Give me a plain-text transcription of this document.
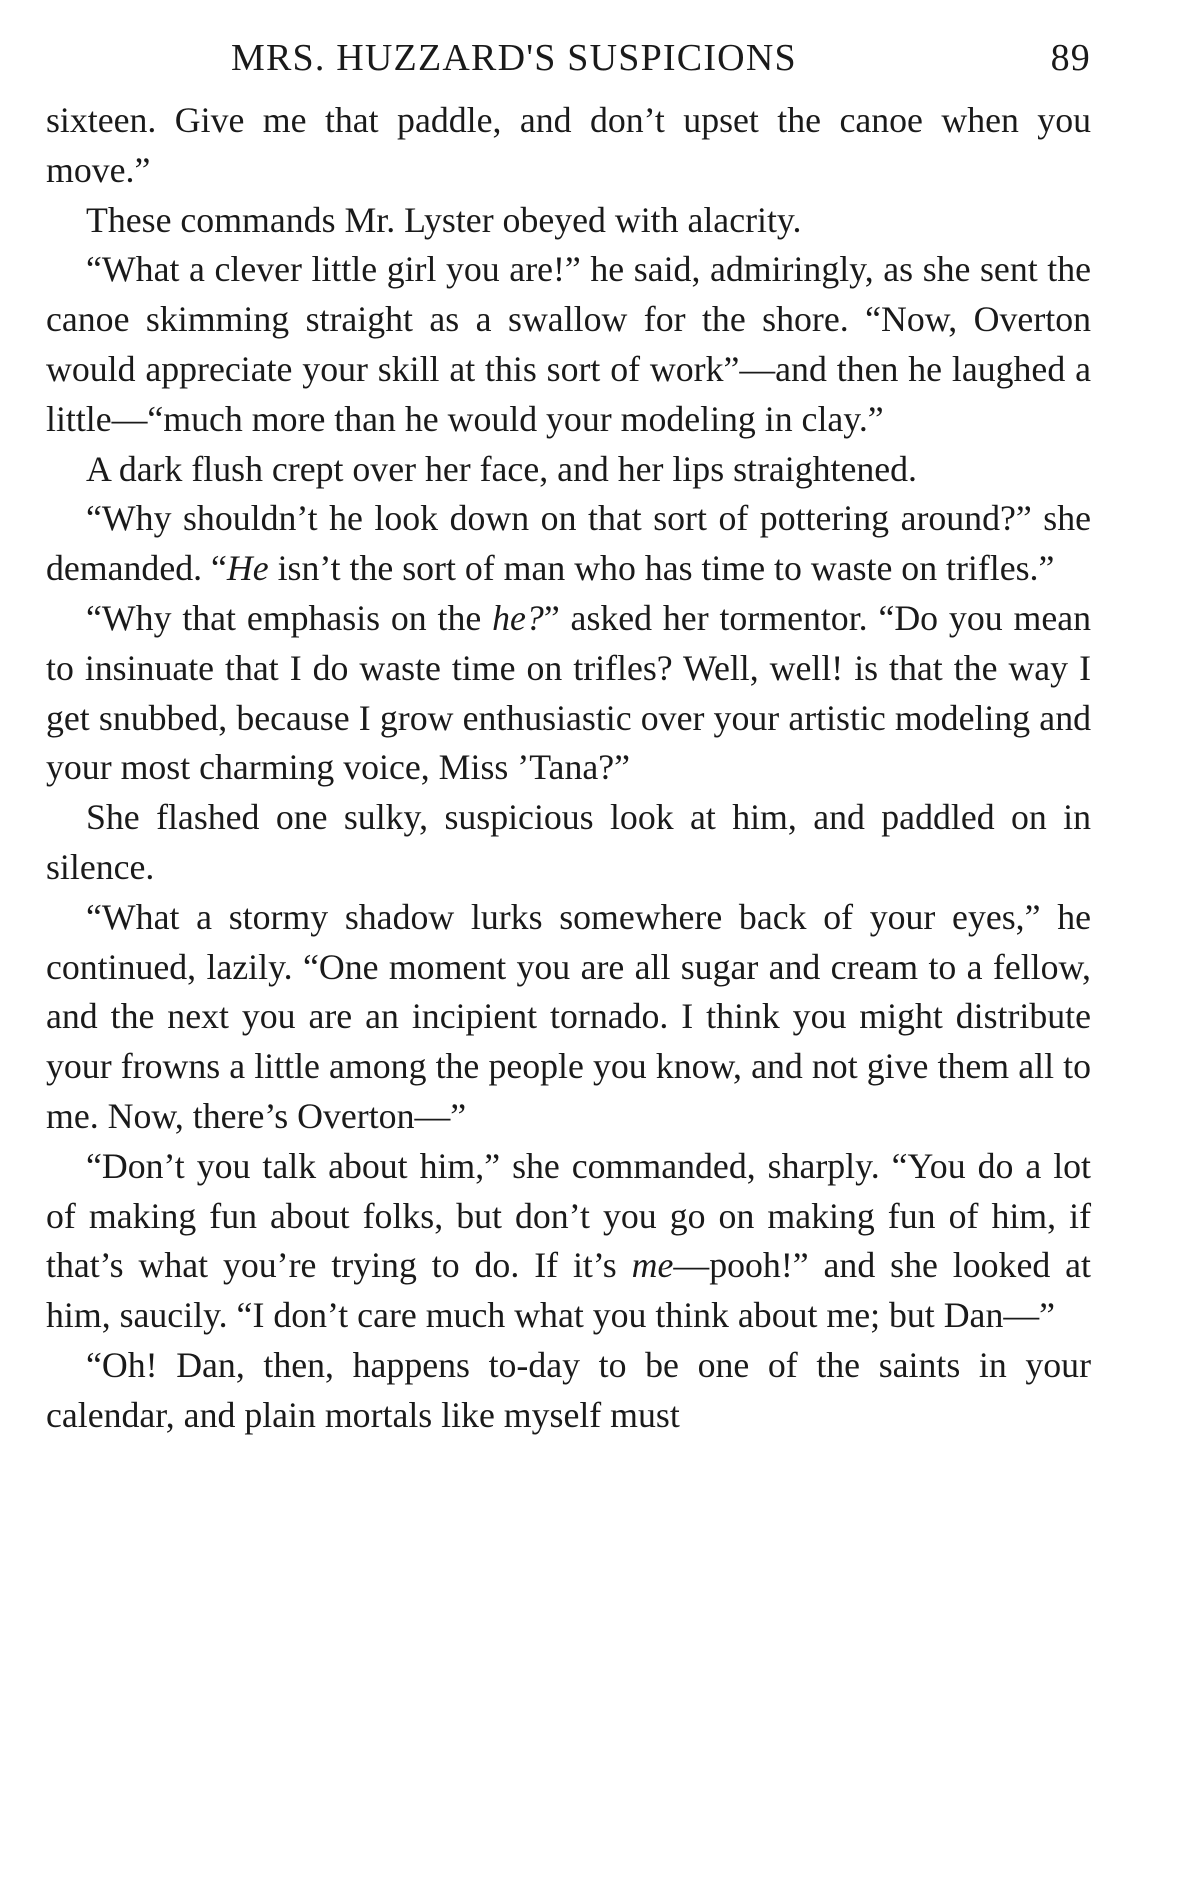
MRS. HUZZARD'S SUSPICIONS	89

sixteen. Give me that paddle, and don’t upset the canoe when you move.”

These commands Mr. Lyster obeyed with alacrity.

“What a clever little girl you are!” he said, admiringly, as she sent the canoe skimming straight as a swallow for the shore. “Now, Overton would appreciate your skill at this sort of work”—and then he laughed a little—“much more than he would your modeling in clay.”

A dark flush crept over her face, and her lips straightened.

“Why shouldn’t he look down on that sort of pottering around?” she demanded. “He isn’t the sort of man who has time to waste on trifles.”

“Why that emphasis on the he?” asked her tormentor. “Do you mean to insinuate that I do waste time on trifles? Well, well! is that the way I get snubbed, because I grow enthusiastic over your artistic modeling and your most charming voice, Miss ’Tana?”

She flashed one sulky, suspicious look at him, and paddled on in silence.

“What a stormy shadow lurks somewhere back of your eyes,” he continued, lazily. “One moment you are all sugar and cream to a fellow, and the next you are an incipient tornado. I think you might distribute your frowns a little among the people you know, and not give them all to me. Now, there’s Overton—”

“Don’t you talk about him,” she commanded, sharply. “You do a lot of making fun about folks, but don’t you go on making fun of him, if that’s what you’re trying to do. If it’s me—pooh!” and she looked at him, saucily. “I don’t care much what you think about me; but Dan—”

“Oh! Dan, then, happens to-day to be one of the saints in your calendar, and plain mortals like myself must
